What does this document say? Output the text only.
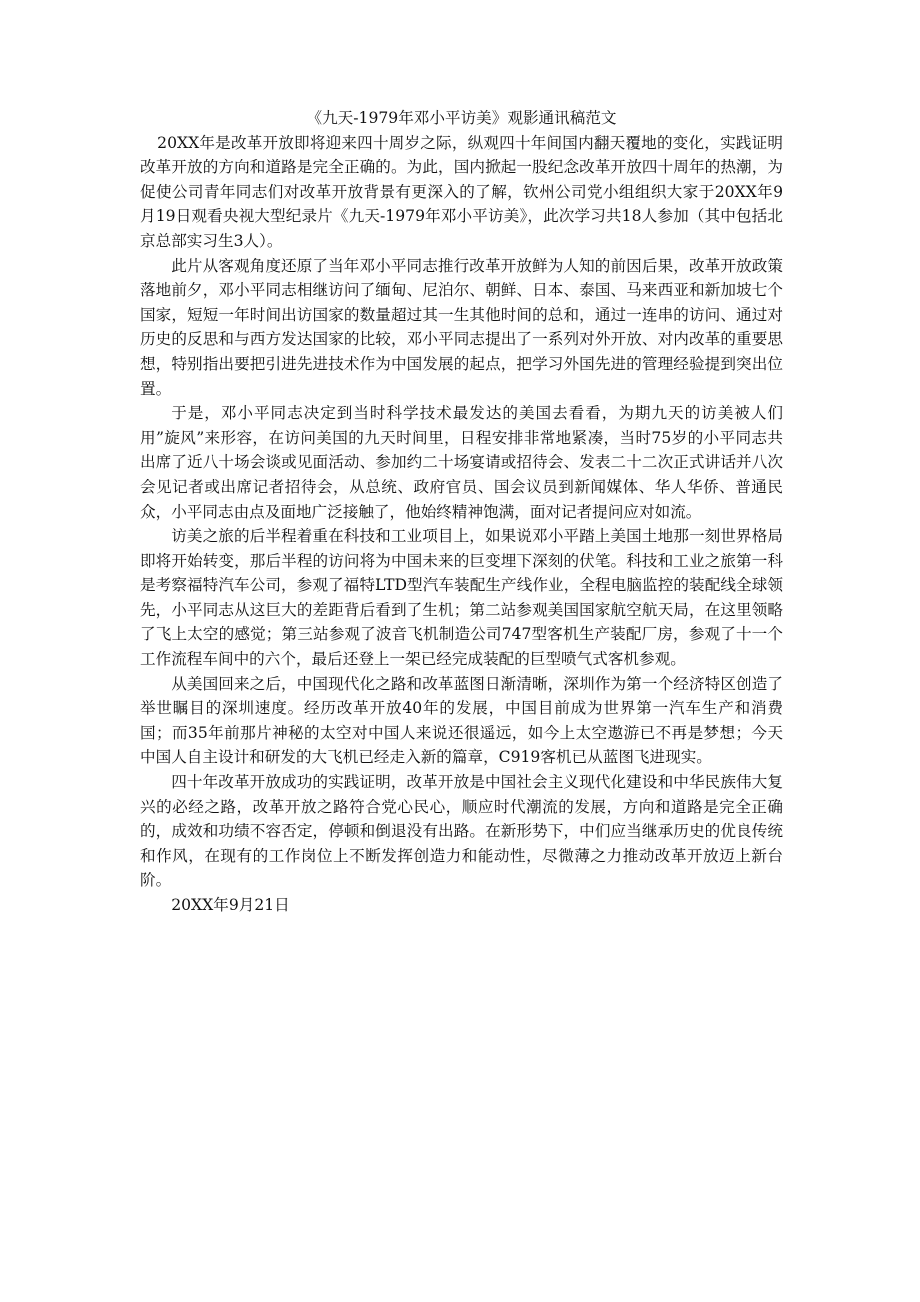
《九天-1979年邓小平访美》观影通讯稿范文

20XX年是改革开放即将迎来四十周岁之际，纵观四十年间国内翻天覆地的变化，实践证明改革开放的方向和道路是完全正确的。为此，国内掀起一股纪念改革开放四十周年的热潮，为促使公司青年同志们对改革开放背景有更深入的了解，钦州公司党小组组织大家于20XX年9月19日观看央视大型纪录片《九天-1979年邓小平访美》，此次学习共18人参加（其中包括北京总部实习生3人）。

此片从客观角度还原了当年邓小平同志推行改革开放鲜为人知的前因后果，改革开放政策落地前夕，邓小平同志相继访问了缅甸、尼泊尔、朝鲜、日本、泰国、马来西亚和新加坡七个国家，短短一年时间出访国家的数量超过其一生其他时间的总和，通过一连串的访问、通过对历史的反思和与西方发达国家的比较，邓小平同志提出了一系列对外开放、对内改革的重要思想，特别指出要把引进先进技术作为中国发展的起点，把学习外国先进的管理经验提到突出位置。

于是，邓小平同志决定到当时科学技术最发达的美国去看看，为期九天的访美被人们用”旋风”来形容，在访问美国的九天时间里，日程安排非常地紧凑，当时75岁的小平同志共出席了近八十场会谈或见面活动、参加约二十场宴请或招待会、发表二十二次正式讲话并八次会见记者或出席记者招待会，从总统、政府官员、国会议员到新闻媒体、华人华侨、普通民众，小平同志由点及面地广泛接触了，他始终精神饱满，面对记者提问应对如流。

访美之旅的后半程着重在科技和工业项目上，如果说邓小平踏上美国土地那一刻世界格局即将开始转变，那后半程的访问将为中国未来的巨变埋下深刻的伏笔。科技和工业之旅第一科是考察福特汽车公司，参观了福特LTD型汽车装配生产线作业，全程电脑监控的装配线全球领先，小平同志从这巨大的差距背后看到了生机；第二站参观美国国家航空航天局，在这里领略了飞上太空的感觉；第三站参观了波音飞机制造公司747型客机生产装配厂房，参观了十一个工作流程车间中的六个，最后还登上一架已经完成装配的巨型喷气式客机参观。

从美国回来之后，中国现代化之路和改革蓝图日渐清晰，深圳作为第一个经济特区创造了举世瞩目的深圳速度。经历改革开放40年的发展，中国目前成为世界第一汽车生产和消费国；而35年前那片神秘的太空对中国人来说还很遥远，如今上太空遨游已不再是梦想；今天中国人自主设计和研发的大飞机已经走入新的篇章，C919客机已从蓝图飞进现实。

四十年改革开放成功的实践证明，改革开放是中国社会主义现代化建设和中华民族伟大复兴的必经之路，改革开放之路符合党心民心，顺应时代潮流的发展，方向和道路是完全正确的，成效和功绩不容否定，停顿和倒退没有出路。在新形势下，中们应当继承历史的优良传统和作风，在现有的工作岗位上不断发挥创造力和能动性，尽微薄之力推动改革开放迈上新台阶。

20XX年9月21日
